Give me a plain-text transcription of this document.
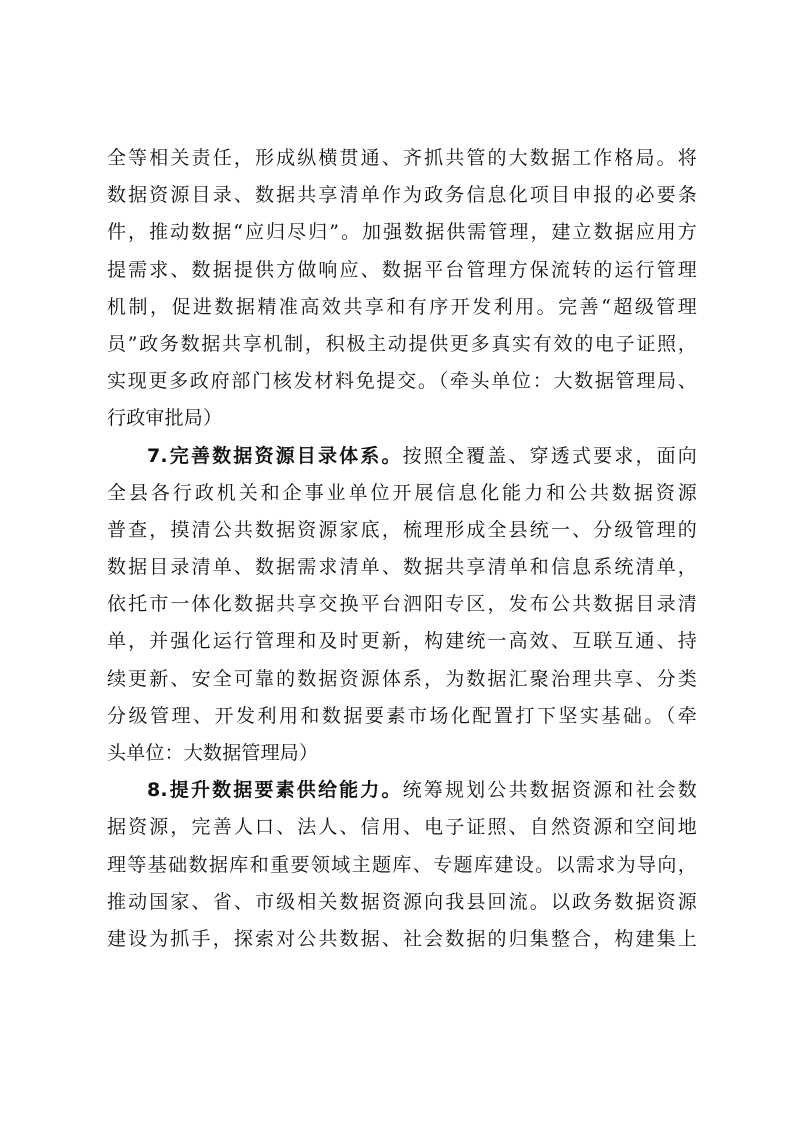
全等相关责任，形成纵横贯通、齐抓共管的大数据工作格局。将
数据资源目录、数据共享清单作为政务信息化项目申报的必要条
件，推动数据“应归尽归”。加强数据供需管理，建立数据应用方
提需求、数据提供方做响应、数据平台管理方保流转的运行管理
机制，促进数据精准高效共享和有序开发利用。完善“超级管理
员”政务数据共享机制，积极主动提供更多真实有效的电子证照，
实现更多政府部门核发材料免提交。（牵头单位：大数据管理局、
行政审批局）
7.完善数据资源目录体系。按照全覆盖、穿透式要求，面向
全县各行政机关和企事业单位开展信息化能力和公共数据资源
普查，摸清公共数据资源家底，梳理形成全县统一、分级管理的
数据目录清单、数据需求清单、数据共享清单和信息系统清单，
依托市一体化数据共享交换平台泗阳专区，发布公共数据目录清
单，并强化运行管理和及时更新，构建统一高效、互联互通、持
续更新、安全可靠的数据资源体系，为数据汇聚治理共享、分类
分级管理、开发利用和数据要素市场化配置打下坚实基础。（牵
头单位：大数据管理局）
8.提升数据要素供给能力。统筹规划公共数据资源和社会数
据资源，完善人口、法人、信用、电子证照、自然资源和空间地
理等基础数据库和重要领域主题库、专题库建设。以需求为导向，
推动国家、省、市级相关数据资源向我县回流。以政务数据资源
建设为抓手，探索对公共数据、社会数据的归集整合，构建集上
